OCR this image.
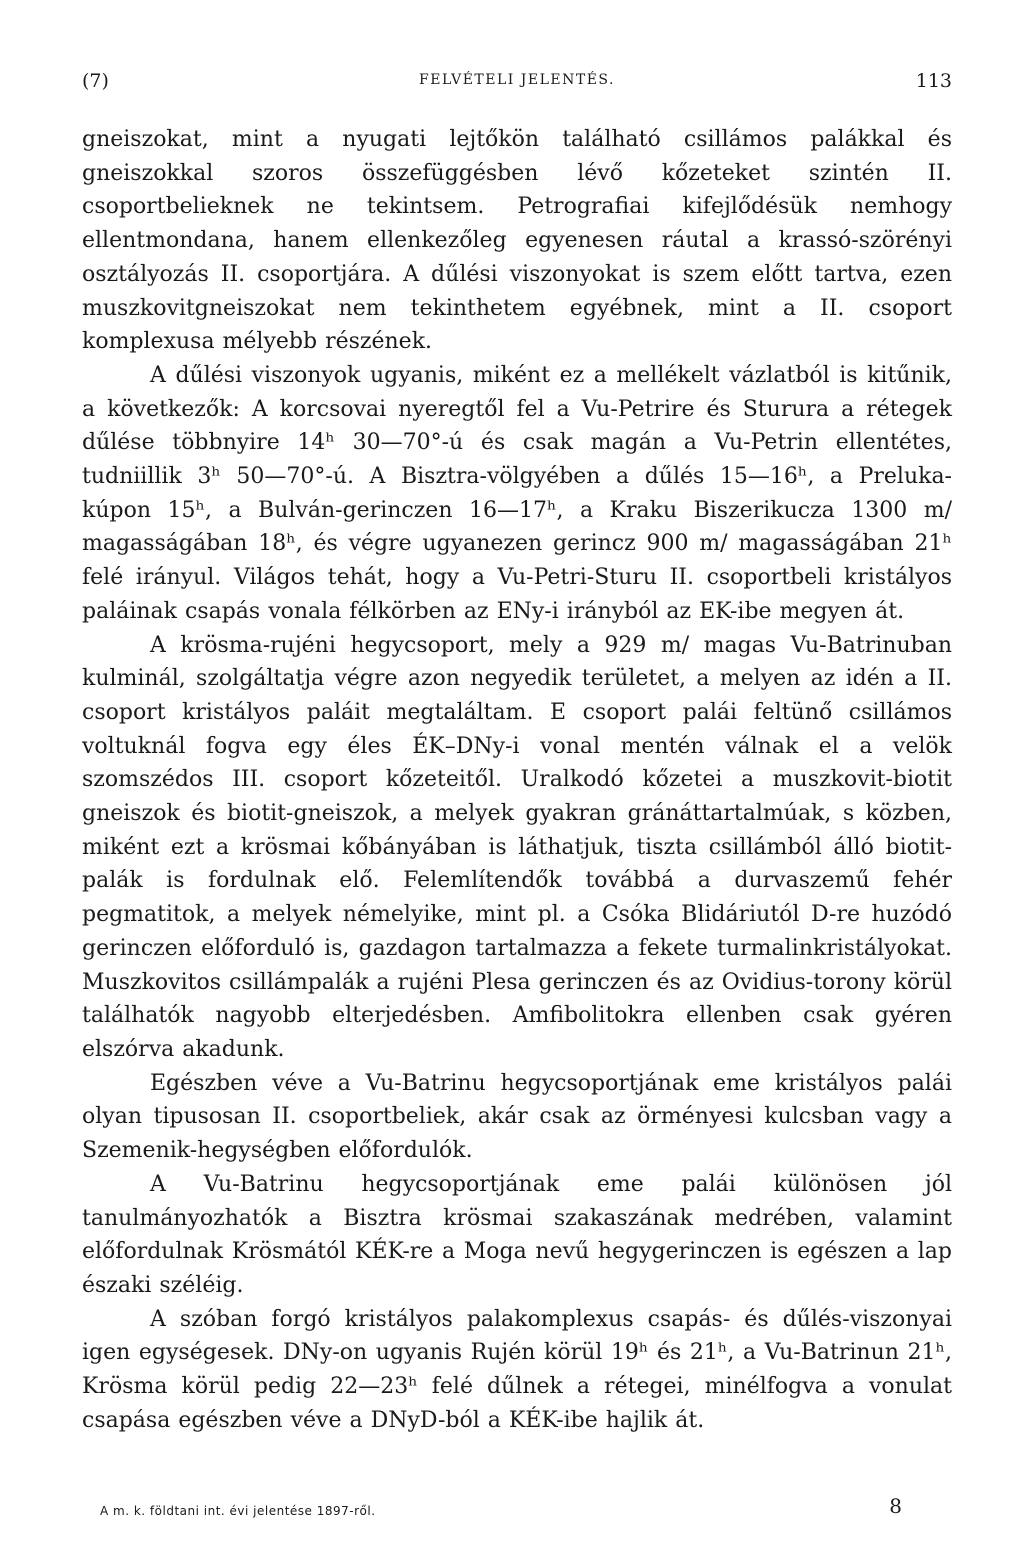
(7)	FELVÉTELI JELENTÉS.	113

gneiszokat, mint a nyugati lejtőkön található csillámos palákkal és gneiszokkal szoros összefüggésben lévő kőzeteket szintén II. csoportbelieknek ne tekintsem. Petrografiai kifejlődésük nemhogy ellentmondana, hanem ellenkezőleg egyenesen ráutal a krassó-szörényi osztályozás II. csoportjára. A dűlési viszonyokat is szem előtt tartva, ezen muszkovitgneiszokat nem tekinthetem egyébnek, mint a II. csoport komplexusa mélyebb részének.

A dűlési viszonyok ugyanis, miként ez a mellékelt vázlatból is kitűnik, a következők: A korcsovai nyeregtől fel a Vu-Petrire és Sturura a rétegek dűlése többnyire 14ʰ 30—70°-ú és csak magán a Vu-Petrin ellentétes, tudniillik 3ʰ 50—70°-ú. A Bisztra-völgyében a dűlés 15—16ʰ, a Preluka-kúpon 15ʰ, a Bulván-gerinczen 16—17ʰ, a Kraku Biszerikucza 1300 m/ magasságában 18ʰ, és végre ugyanezen gerincz 900 m/ magasságában 21ʰ felé irányul. Világos tehát, hogy a Vu-Petri-Sturu II. csoportbeli kristályos paláinak csapás vonala félkörben az ENy-i irányból az EK-ibe megyen át.

A krösma-rujéni hegycsoport, mely a 929 m/ magas Vu-Batrinuban kulminál, szolgáltatja végre azon negyedik területet, a melyen az idén a II. csoport kristályos paláit megtaláltam. E csoport palái feltünő csillámos voltuknál fogva egy éles ÉK–DNy-i vonal mentén válnak el a velök szomszédos III. csoport kőzeteitől. Uralkodó kőzetei a muszkovit-biotit gneiszok és biotit-gneiszok, a melyek gyakran gránáttartalmúak, s közben, miként ezt a krösmai kőbányában is láthatjuk, tiszta csillámból álló biotit-palák is fordulnak elő. Felemlítendők továbbá a durvaszemű fehér pegmatitok, a melyek némelyike, mint pl. a Csóka Blidáriutól D-re huzódó gerinczen előforduló is, gazdagon tartalmazza a fekete turmalinkristályokat. Muszkovitos csillámpalák a rujéni Plesa gerinczen és az Ovidius-torony körül találhatók nagyobb elterjedésben. Amfibolitokra ellenben csak gyéren elszórva akadunk.

Egészben véve a Vu-Batrinu hegycsoportjának eme kristályos palái olyan tipusosan II. csoportbeliek, akár csak az örményesi kulcsban vagy a Szemenik-hegységben előfordulók.

A Vu-Batrinu hegycsoportjának eme palái különösen jól tanulmányozhatók a Bisztra krösmai szakaszának medrében, valamint előfordulnak Krösmától KÉK-re a Moga nevű hegygerinczen is egészen a lap északi széléig.

A szóban forgó kristályos palakomplexus csapás- és dűlés-viszonyai igen egységesek. DNy-on ugyanis Rujén körül 19ʰ és 21ʰ, a Vu-Batrinun 21ʰ, Krösma körül pedig 22—23ʰ felé dűlnek a rétegei, minélfogva a vonulat csapása egészben véve a DNyD-ból a KÉK-ibe hajlik át.

A m. k. földtani int. évi jelentése 1897-ről.	8
